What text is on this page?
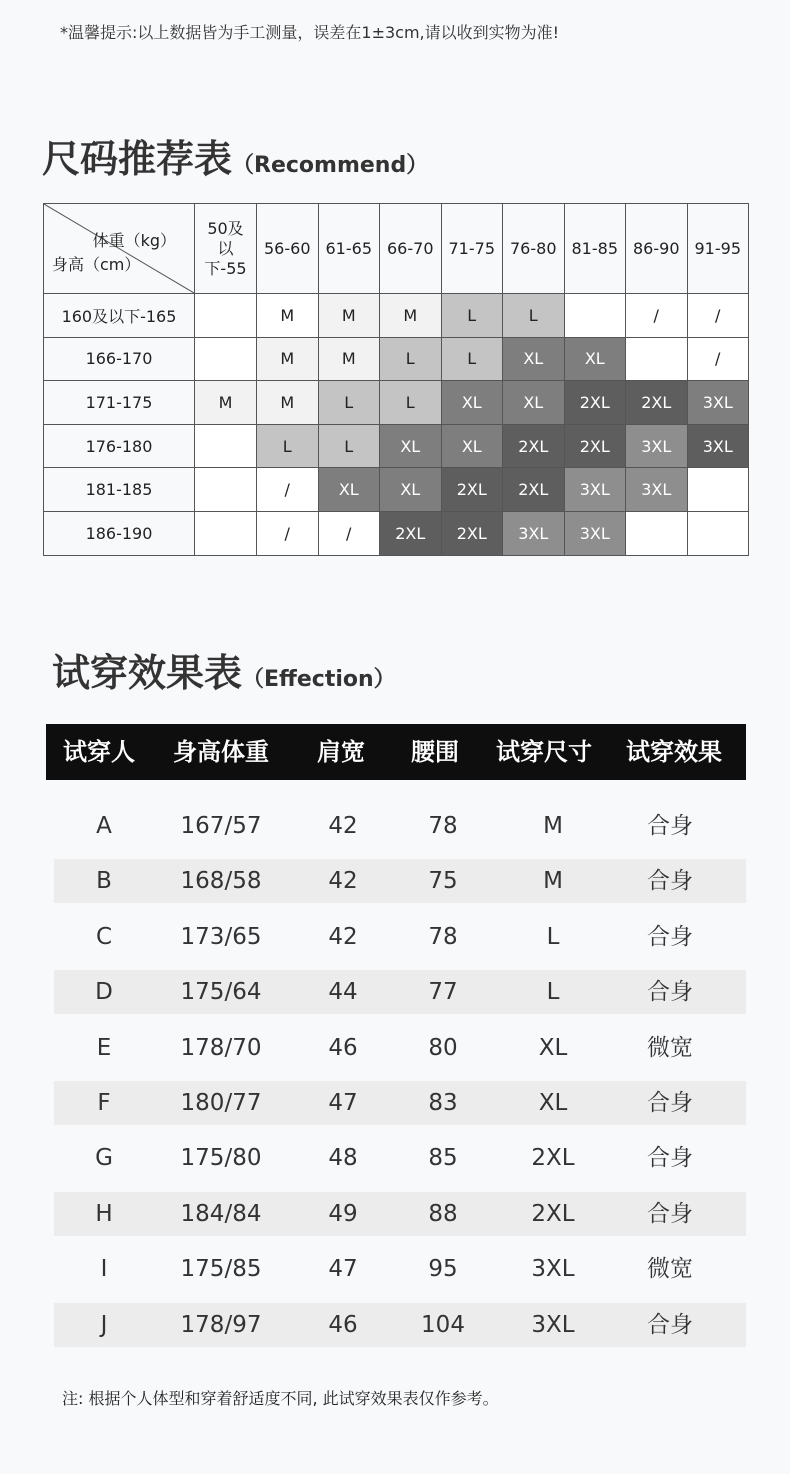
*温馨提示:以上数据皆为手工测量，误差在1±3cm,请以收到实物为准!
尺码推荐表（Recommend）
体重（kg）
身高（cm）	50及
以
下-55	56-60	61-65	66-70	71-75	76-80	81-85	86-90	91-95
160及以下-165		M	M	M	L	L		/	/
166-170		M	M	L	L	XL	XL		/
171-175	M	M	L	L	XL	XL	2XL	2XL	3XL
176-180		L	L	XL	XL	2XL	2XL	3XL	3XL
181-185		/	XL	XL	2XL	2XL	3XL	3XL	
186-190		/	/	2XL	2XL	3XL	3XL		
试穿效果表（Effection）
试穿人 身高体重 肩宽 腰围 试穿尺寸 试穿效果
A	167/57	42	78	M	合身
B	168/58	42	75	M	合身
C	173/65	42	78	L	合身
D	175/64	44	77	L	合身
E	178/70	46	80	XL	微宽
F	180/77	47	83	XL	合身
G	175/80	48	85	2XL	合身
H	184/84	49	88	2XL	合身
I	175/85	47	95	3XL	微宽
J	178/97	46	104	3XL	合身
注: 根据个人体型和穿着舒适度不同, 此试穿效果表仅作参考。
